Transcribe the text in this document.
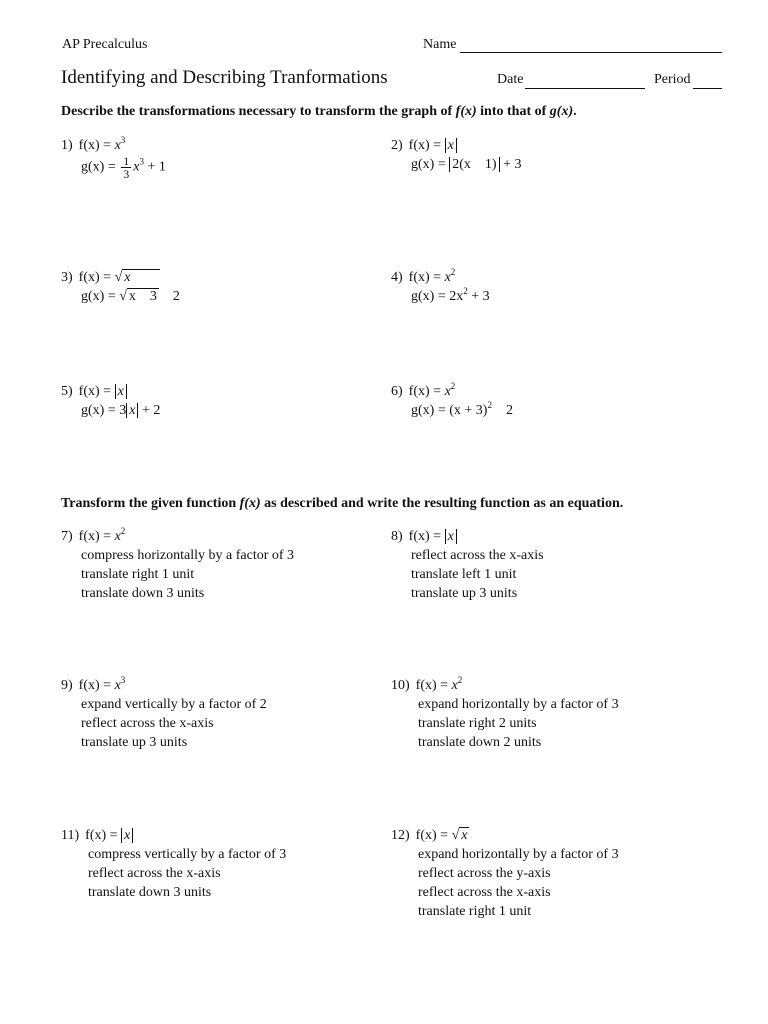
AP Precalculus	Name
Identifying and Describing Tranformations	Date	Period
Describe the transformations necessary to transform the graph of f(x) into that of g(x).
1) $f(x) = x^3$
$g(x) = \frac{1}{3} x^3 + 1$
2) f(x) = x
g(x) = 2(x    1) + 3
3) f(x) = √ x
g(x) = √ x    3    2
4) $f(x) = x^2$
$g(x) = 2x^2 + 3$
5) f(x) = x
g(x) = 3 x + 2
6) $f(x) = x^2$
$g(x) = (x + 3)^2$    2
Transform the given function f(x) as described and write the resulting function as an equation.
7) $f(x) = x^2$
compress horizontally by a factor of 3
translate right 1 unit
translate down 3 units
8) f(x) = x
reflect across the x-axis
translate left 1 unit
translate up 3 units
9) $f(x) = x^3$
expand vertically by a factor of 2
reflect across the x-axis
translate up 3 units
10) $f(x) = x^2$
expand horizontally by a factor of 3
translate right 2 units
translate down 2 units
11) f(x) = x
compress vertically by a factor of 3
reflect across the x-axis
translate down 3 units
12) f(x) = √ x
expand horizontally by a factor of 3
reflect across the y-axis
reflect across the x-axis
translate right 1 unit
